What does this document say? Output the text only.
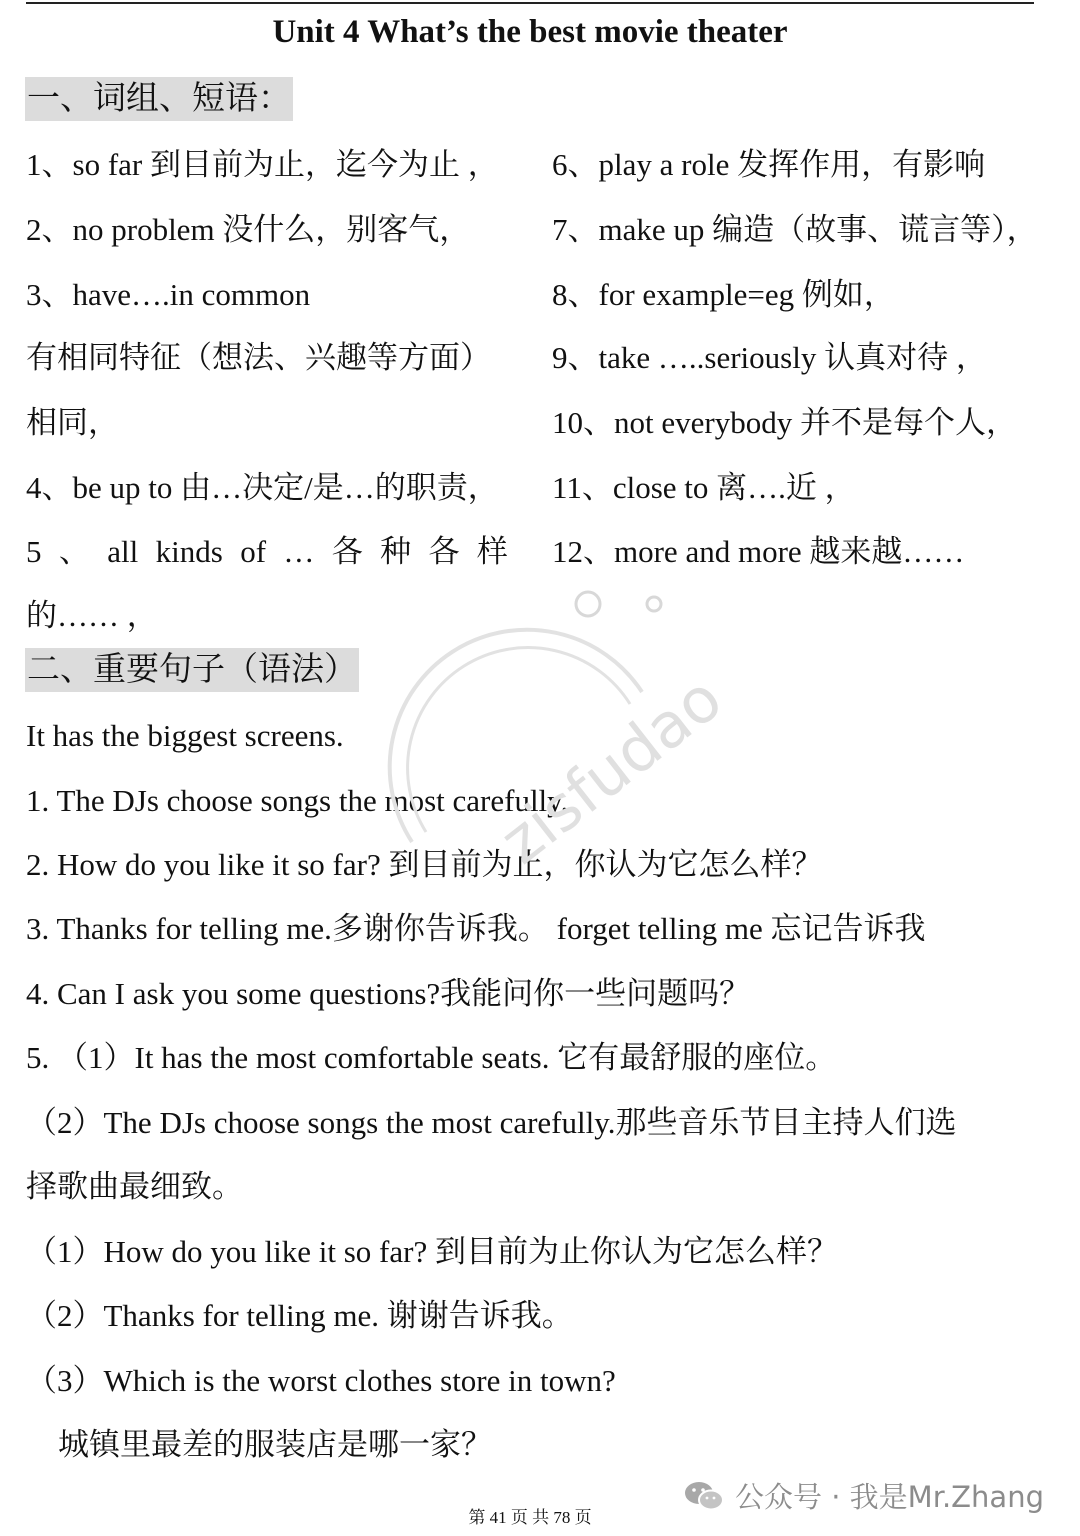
Unit 4 What’s the best movie theater
一、词组、短语：
1、so far 到目前为止，迄今为止 ，
2、no problem 没什么，别客气，
3、have….in common
有相同特征（想法、兴趣等方面）
相同，
4、be up to 由…决定/是…的职责，
5 、 all kinds of … 各 种 各 样
的…… ，
6、play a role 发挥作用，有影响
7、make up 编造（故事、谎言等），
8、for example=eg 例如，
9、take …..seriously 认真对待 ，
10、not everybody 并不是每个人，
11、close to 离….近 ，
12、more and more 越来越……
二、重要句子（语法）
It has the biggest screens.
1. The DJs choose songs the most carefully.
2. How do you like it so far? 到目前为止，你认为它怎么样？
3. Thanks for telling me.多谢你告诉我。 forget telling me 忘记告诉我
4. Can I ask you some questions?我能问你一些问题吗？
5. （1）It has the most comfortable seats. 它有最舒服的座位。
（2）The DJs choose songs the most carefully.那些音乐节目主持人们选
择歌曲最细致。
（1）How do you like it so far? 到目前为止你认为它怎么样？
（2）Thanks for telling me. 谢谢告诉我。
（3）Which is the worst clothes store in town?
城镇里最差的服装店是哪一家？
zisfudao
第 41 页 共 78 页
公众号 · 我是Mr.Zhang
